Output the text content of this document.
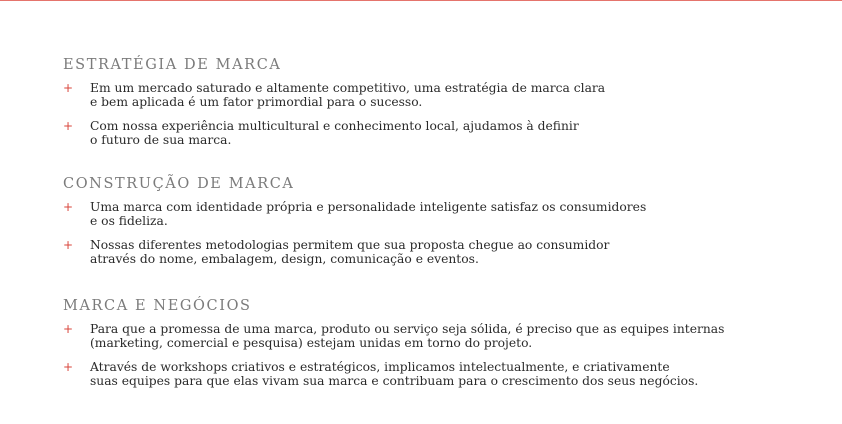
ESTRATÉGIA DE MARCA
+ Em um mercado saturado e altamente competitivo, uma estratégia de marca clara
e bem aplicada é um fator primordial para o sucesso.
+ Com nossa experiência multicultural e conhecimento local, ajudamos à definir
o futuro de sua marca.
CONSTRUÇÃO DE MARCA
+ Uma marca com identidade própria e personalidade inteligente satisfaz os consumidores
e os fideliza.
+ Nossas diferentes metodologias permitem que sua proposta chegue ao consumidor
através do nome, embalagem, design, comunicação e eventos.
MARCA E NEGÓCIOS
+ Para que a promessa de uma marca, produto ou serviço seja sólida, é preciso que as equipes internas
(marketing, comercial e pesquisa) estejam unidas em torno do projeto.
+ Através de workshops criativos e estratégicos, implicamos intelectualmente, e criativamente
suas equipes para que elas vivam sua marca e contribuam para o crescimento dos seus negócios.
